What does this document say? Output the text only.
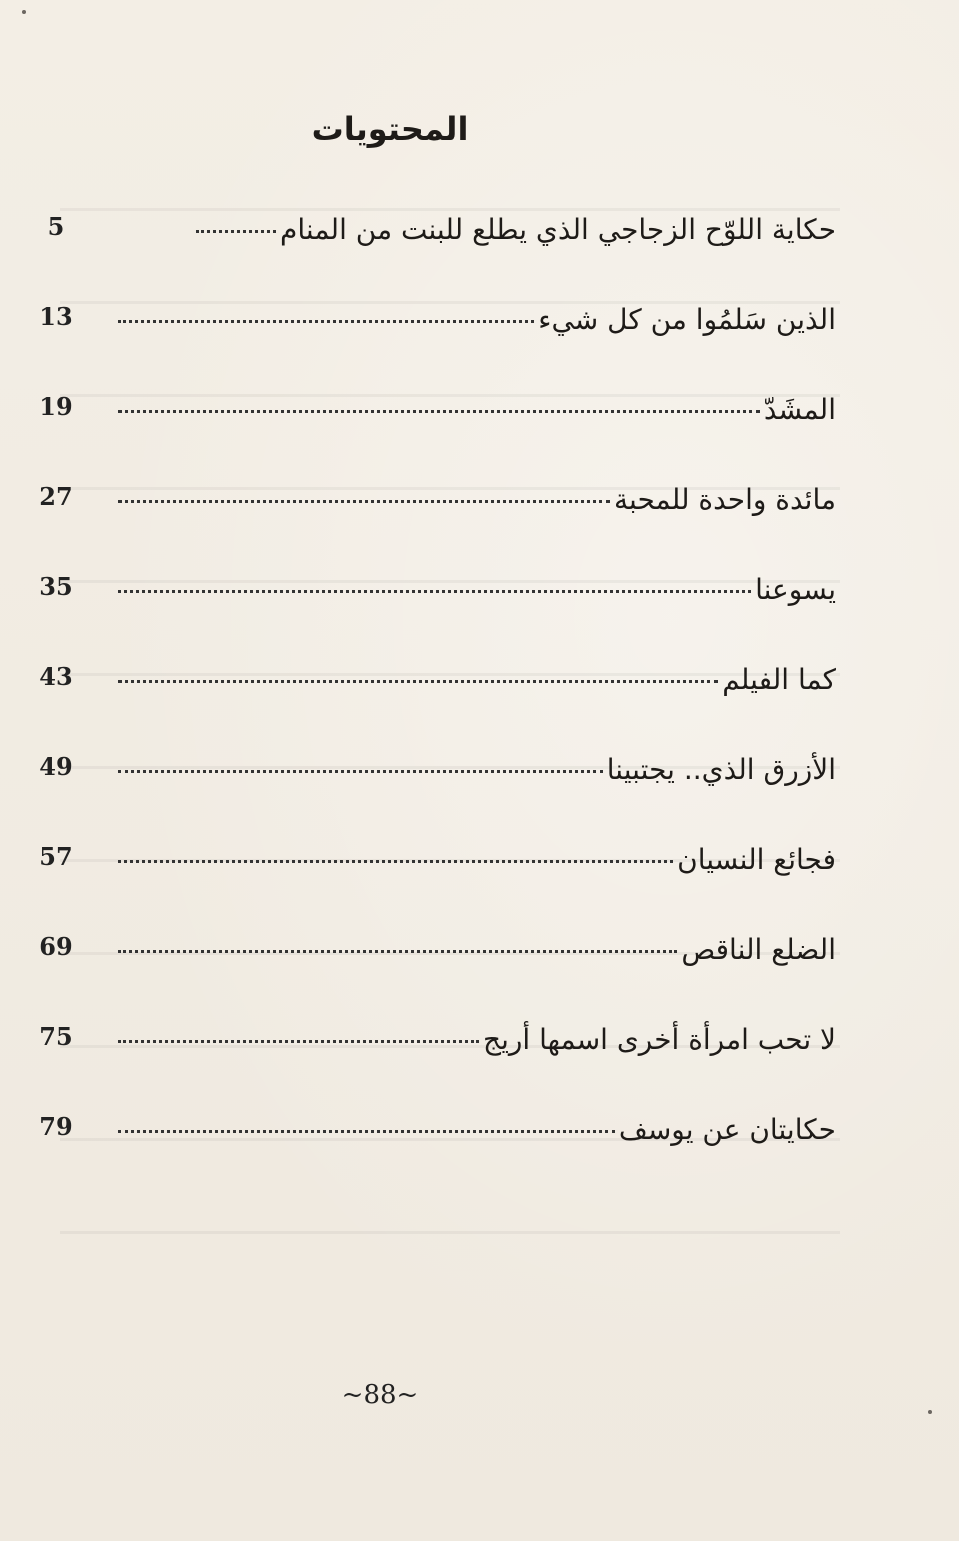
المحتويات
5	حكاية اللوّح الزجاجي الذي يطلع للبنت من المنام
13	الذين سَلمُوا من كل شيء
19	المشَدّ
27	مائدة واحدة للمحبة
35	يسوعنا
43	كما الفيلم
49	الأزرق الذي.. يجتبينا
57	فجائع النسيان
69	الضلع الناقص
75	لا تحب امرأة أخرى اسمها أريج
79	حكايتان عن يوسف
~88~
